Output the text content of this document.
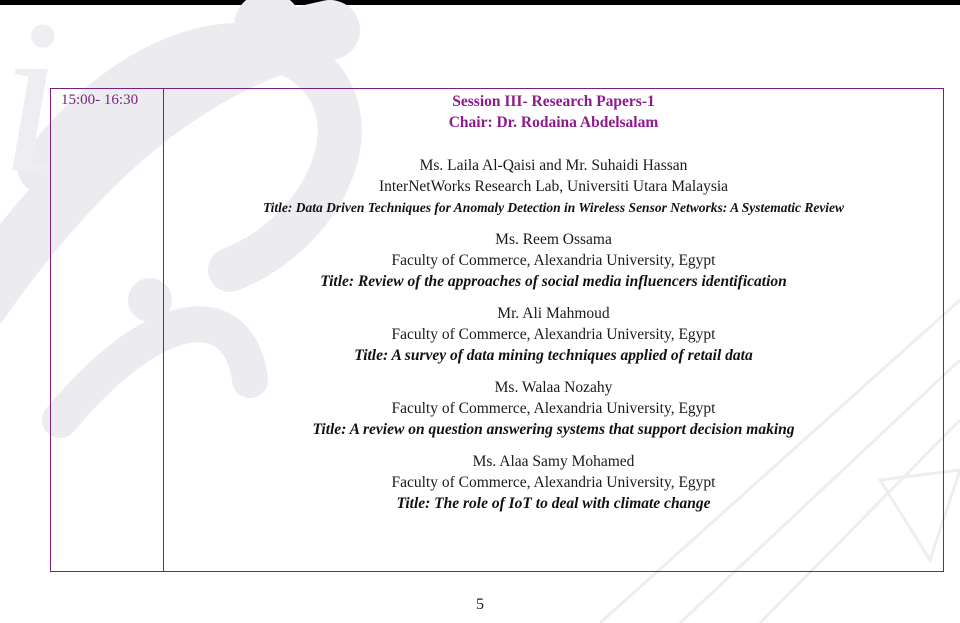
i 15:00- 16:30	Session III- Research Papers-1
Chair: Dr. Rodaina Abdelsalam
Ms. Laila Al-Qaisi and Mr. Suhaidi Hassan
InterNetWorks Research Lab, Universiti Utara Malaysia
Title: Data Driven Techniques for Anomaly Detection in Wireless Sensor Networks: A Systematic Review
Ms. Reem Ossama
Faculty of Commerce, Alexandria University, Egypt
Title: Review of the approaches of social media influencers identification
Mr. Ali Mahmoud
Faculty of Commerce, Alexandria University, Egypt
Title: A survey of data mining techniques applied of retail data
Ms. Walaa Nozahy
Faculty of Commerce, Alexandria University, Egypt
Title: A review on question answering systems that support decision making
Ms. Alaa Samy Mohamed
Faculty of Commerce, Alexandria University, Egypt
Title: The role of IoT to deal with climate change
5
